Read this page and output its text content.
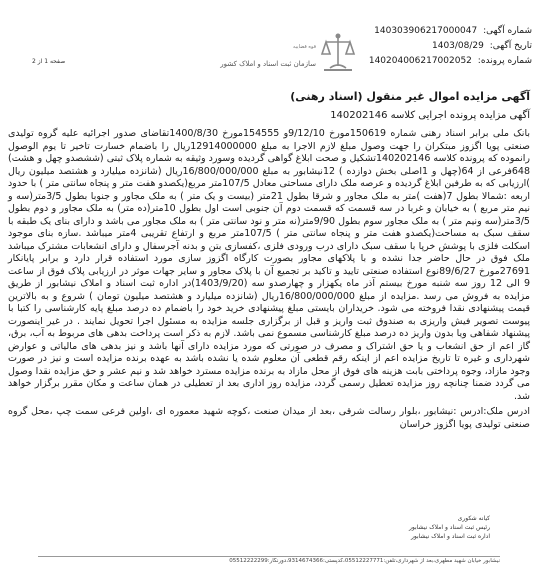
شماره آگهی: 140303906217000047
تاریخ آگهی: 1403/08/29
شماره پرونده: 140204006217002052
قوه قضاییه
سازمان ثبت اسناد و املاک کشور
صفحه 1 از 2
آگهی مزایده اموال غیر منقول (اسناد رهنی)
آگهی مزایده پرونده اجرایی کلاسه 140202146
بانک ملی برابر اسناد رهنی شماره 150619مورخ 9/12/10و 154555مورخ 1400/8/30تقاضای صدور اجرائیه علیه گروه تولیدی صنعتی پویا اگزوز مبتکران را جهت وصول مبلغ لازم الاجرا به مبلغ 12914000000ریال را باضمام خسارت تاخیر تا یوم الوصول رانموده که پرونده کلاسه 140202146تشکیل و صحت ابلاغ گواهی گردیده وسورد وثیقه به شماره پلاک ثبتی (ششصدو چهل و هشت) 648فرعی از 64(چهل و 1اصلی بخش دوازده ) 12نیشابور به مبلغ 16/800/000/000ریال (شانزده میلیارد و هشتصد میلیون ریال )ارزیابی که به طرفین ابلاغ گردیده و عرصه ملک دارای مساحتی معادل 107/5متر مربع(یکصدو هفت متر و پنجاه سانتی متر ) با حدود اربعه :شمالا بطول 7(هفت )متر به ملک مجاور و شرقا بطول 21متر (بیست و یک متر ) به ملک مجاور و جنوبا بطول 3/5متر(سه و نیم متر مربع ) به خیابان و غربا در سه قسمت که قسمت دوم آن جنوبی است اول بطول 10متر(ده متر) به ملک مجاور و دوم بطول 3/5متر(سه ونیم متر ) به ملک مجاور سوم بطول 9/90متر(نه متر و نود سانتی متر ) به ملک مجاور می باشد و دارای بنای یک طبقه با سقف سبک به مساحت(یکصدو هفت متر و پنجاه سانتی متر ) 107/5متر مربع و ارتفاع تقریبی 4متر میباشد .سازه بنای موجود اسکلت فلزی با پوشش خرپا با سقف سبک دارای درب ورودی فلزی ،کفسازی بتن و بدنه آجرسفال و دارای انشعابات مشترک میباشد ملک فوق در حال حاضر جدا نشده و با پلاکهای مجاور بصورت کارگاه اگزوز سازی مورد استفاده قرار دارد و برابر پایانکار 27691مورخ 89/6/27نوع استفاده صنعتی تایید و تاکید بر تجمیع آن با پلاک مجاور و سایر جهات موثر در ارزیابی پلاک فوق از ساعت 9 الی 12 روز سه شنبه مورخ بیستم آذر ماه یکهزار و چهارصدو سه (1403/9/20)در اداره ثبت اسناد و املاک نیشابور از طریق مزایده به فروش می رسد .مزایده از مبلغ 16/800/000/000ریال (شانزده میلیارد و هشتصد میلیون تومان ) شروع و به بالاترین قیمت پیشنهادی نقدا فروخته می شود. خریداران بایستی مبلغ پیشنهادی خرید خود را باضمام ده درصد مبلغ پایه کارشناسی را کتبا با پیوست تصویر فیش واریزی به صندوق ثبت واریز و قبل از برگزاری جلسه مزایده به مسئول اجرا تحویل نمایند . در غیر اینصورت پیشنهاد شفاهی ویا بدون واریز ده درصد مبلغ کارشناسی مسموع نمی باشد. لازم به ذکر است پرداخت بدهی های مربوط به آب، برق، گاز اعم از حق انشعاب و یا حق اشتراک و مصرف در صورتی که مورد مزایده دارای آنها باشد و نیز بدهی های مالیاتی و عوارض شهرداری و غیره تا تاریخ مزایده اعم از اینکه رقم قطعی آن معلوم شده یا نشده باشد به عهده برنده مزایده است و نیز در صورت وجود مازاد، وجوه پرداختی بابت هزینه های فوق از محل مازاد به برنده مزایده مسترد خواهد شد و نیم عشر و حق مزایده نقدا وصول می گردد ضمنا چنانچه روز مزایده تعطیل رسمی گردد، مزایده روز اداری بعد از تعطیلی در همان ساعت و مکان مقرر برگزار خواهد شد.
ادرس ملک:ادرس :نیشابور ،بلوار رسالت شرقی ،بعد از میدان صنعت ،کوچه شهید معموره ای ،اولین فرعی سمت چپ ،محل گروه صنعتی تولیدی پویا اگزوز خراسان
کیانه شکوری
رئیس ثبت اسناد و املاک نیشابور
اداره ثبت اسناد و املاک نیشابور
نیشابور خیابان شهید مطهری،بعد از شهرداری،تلفن:05512227771،کدپستی:9314674366،دورنگار:05512222299
